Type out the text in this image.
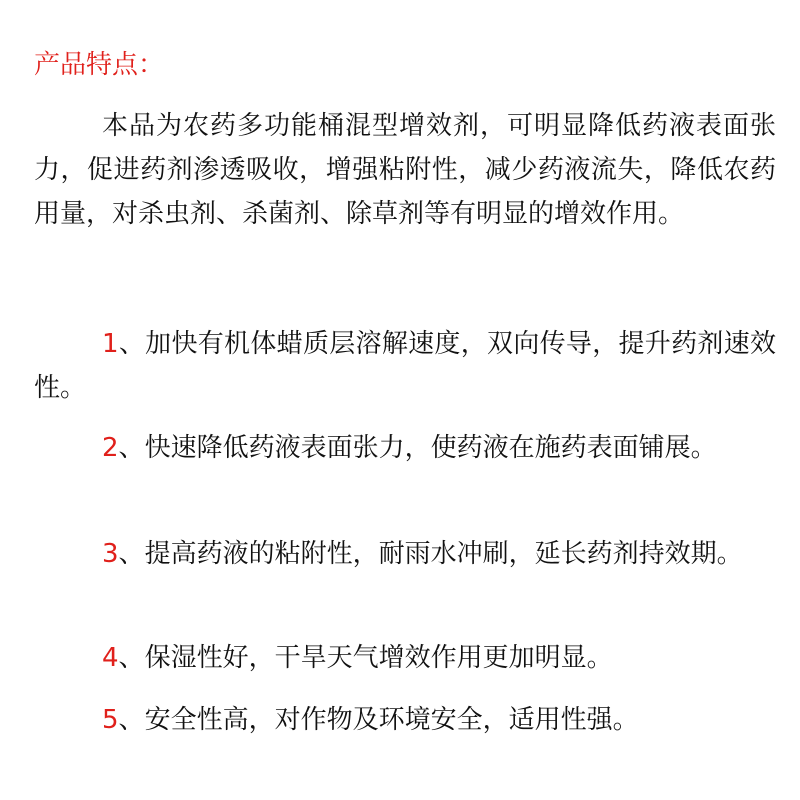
产品特点：

本品为农药多功能桶混型增效剂，可明显降低药液表面张力，促进药剂渗透吸收，增强粘附性，减少药液流失，降低农药用量，对杀虫剂、杀菌剂、除草剂等有明显的增效作用。

1、加快有机体蜡质层溶解速度，双向传导，提升药剂速效性。

2、快速降低药液表面张力，使药液在施药表面铺展。

3、提高药液的粘附性，耐雨水冲刷，延长药剂持效期。

4、保湿性好，干旱天气增效作用更加明显。

5、安全性高，对作物及环境安全，适用性强。
